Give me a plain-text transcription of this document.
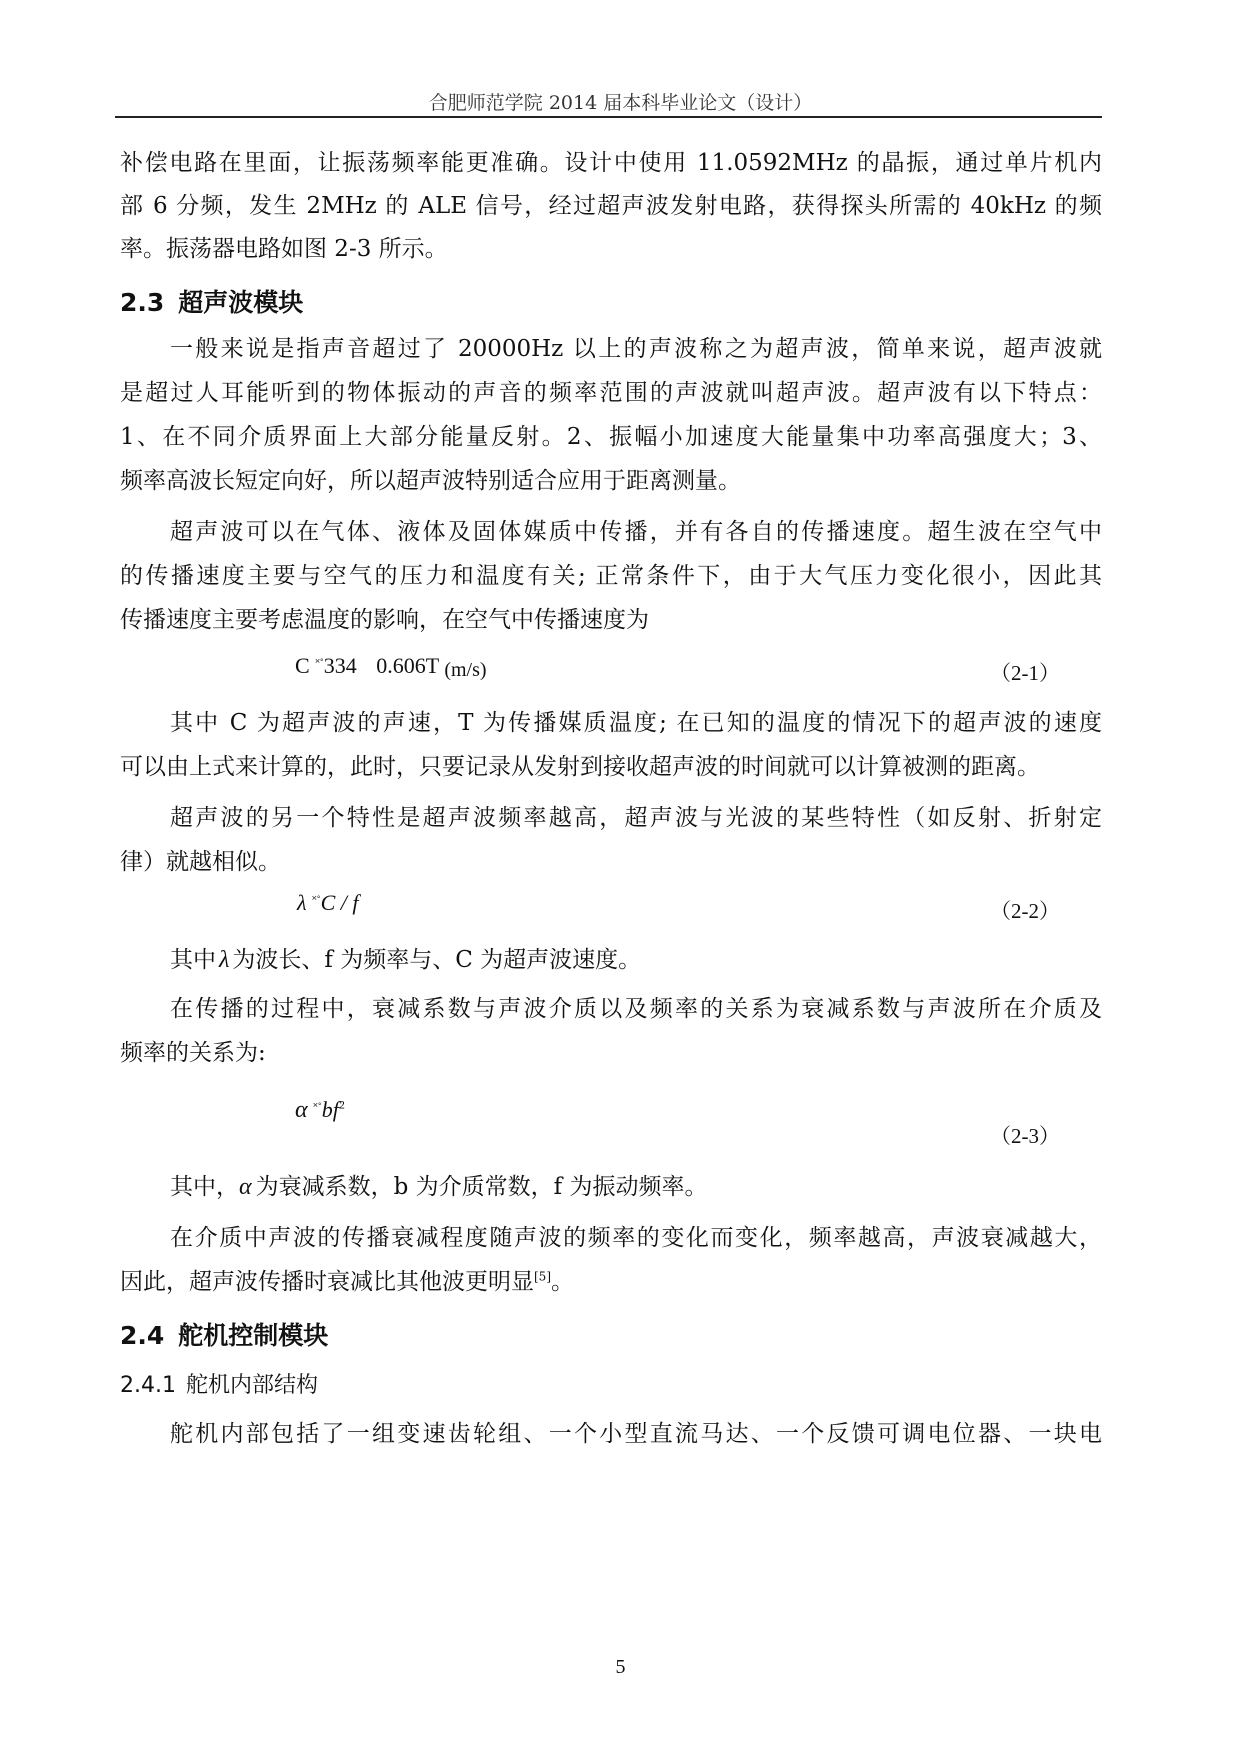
合肥师范学院 2014 届本科毕业论文（设计）
补偿电路在里面，让振荡频率能更准确。设计中使用 11.0592MHz 的晶振，通过单片机内
部 6 分频，发生 2MHz 的 ALE 信号，经过超声波发射电路，获得探头所需的 40kHz 的频
率。振荡器电路如图 2-3 所示。
2.3 超声波模块
一般来说是指声音超过了 20000Hz 以上的声波称之为超声波，简单来说，超声波就
是超过人耳能听到的物体振动的声音的频率范围的声波就叫超声波。超声波有以下特点：
1、在不同介质界面上大部分能量反射。2、振幅小加速度大能量集中功率高强度大；3、
频率高波长短定向好，所以超声波特别适合应用于距离测量。
超声波可以在气体、液体及固体媒质中传播，并有各自的传播速度。超生波在空气中
的传播速度主要与空气的压力和温度有关; 正常条件下，由于大气压力变化很小，因此其
传播速度主要考虑温度的影响，在空气中传播速度为
C ˟˚334 0.606T (m/s)	（2-1）
其中 C 为超声波的声速，T 为传播媒质温度; 在已知的温度的情况下的超声波的速度
可以由上式来计算的，此时，只要记录从发射到接收超声波的时间就可以计算被测的距离。
超声波的另一个特性是超声波频率越高，超声波与光波的某些特性（如反射、折射定
律）就越相似。
λ ˟˚C / f	（2-2）
其中 λ 为波长、f 为频率与、C 为超声波速度。
在传播的过程中，衰减系数与声波介质以及频率的关系为衰减系数与声波所在介质及
频率的关系为:
α $^{˟˚}bf^2$
（2-3）
其中，α 为衰减系数，b 为介质常数，f 为振动频率。
在介质中声波的传播衰减程度随声波的频率的变化而变化，频率越高，声波衰减越大，
因此，超声波传播时衰减比其他波更明显[5]。
2.4 舵机控制模块
2.4.1 舵机内部结构
舵机内部包括了一组变速齿轮组、一个小型直流马达、一个反馈可调电位器、一块电
5
